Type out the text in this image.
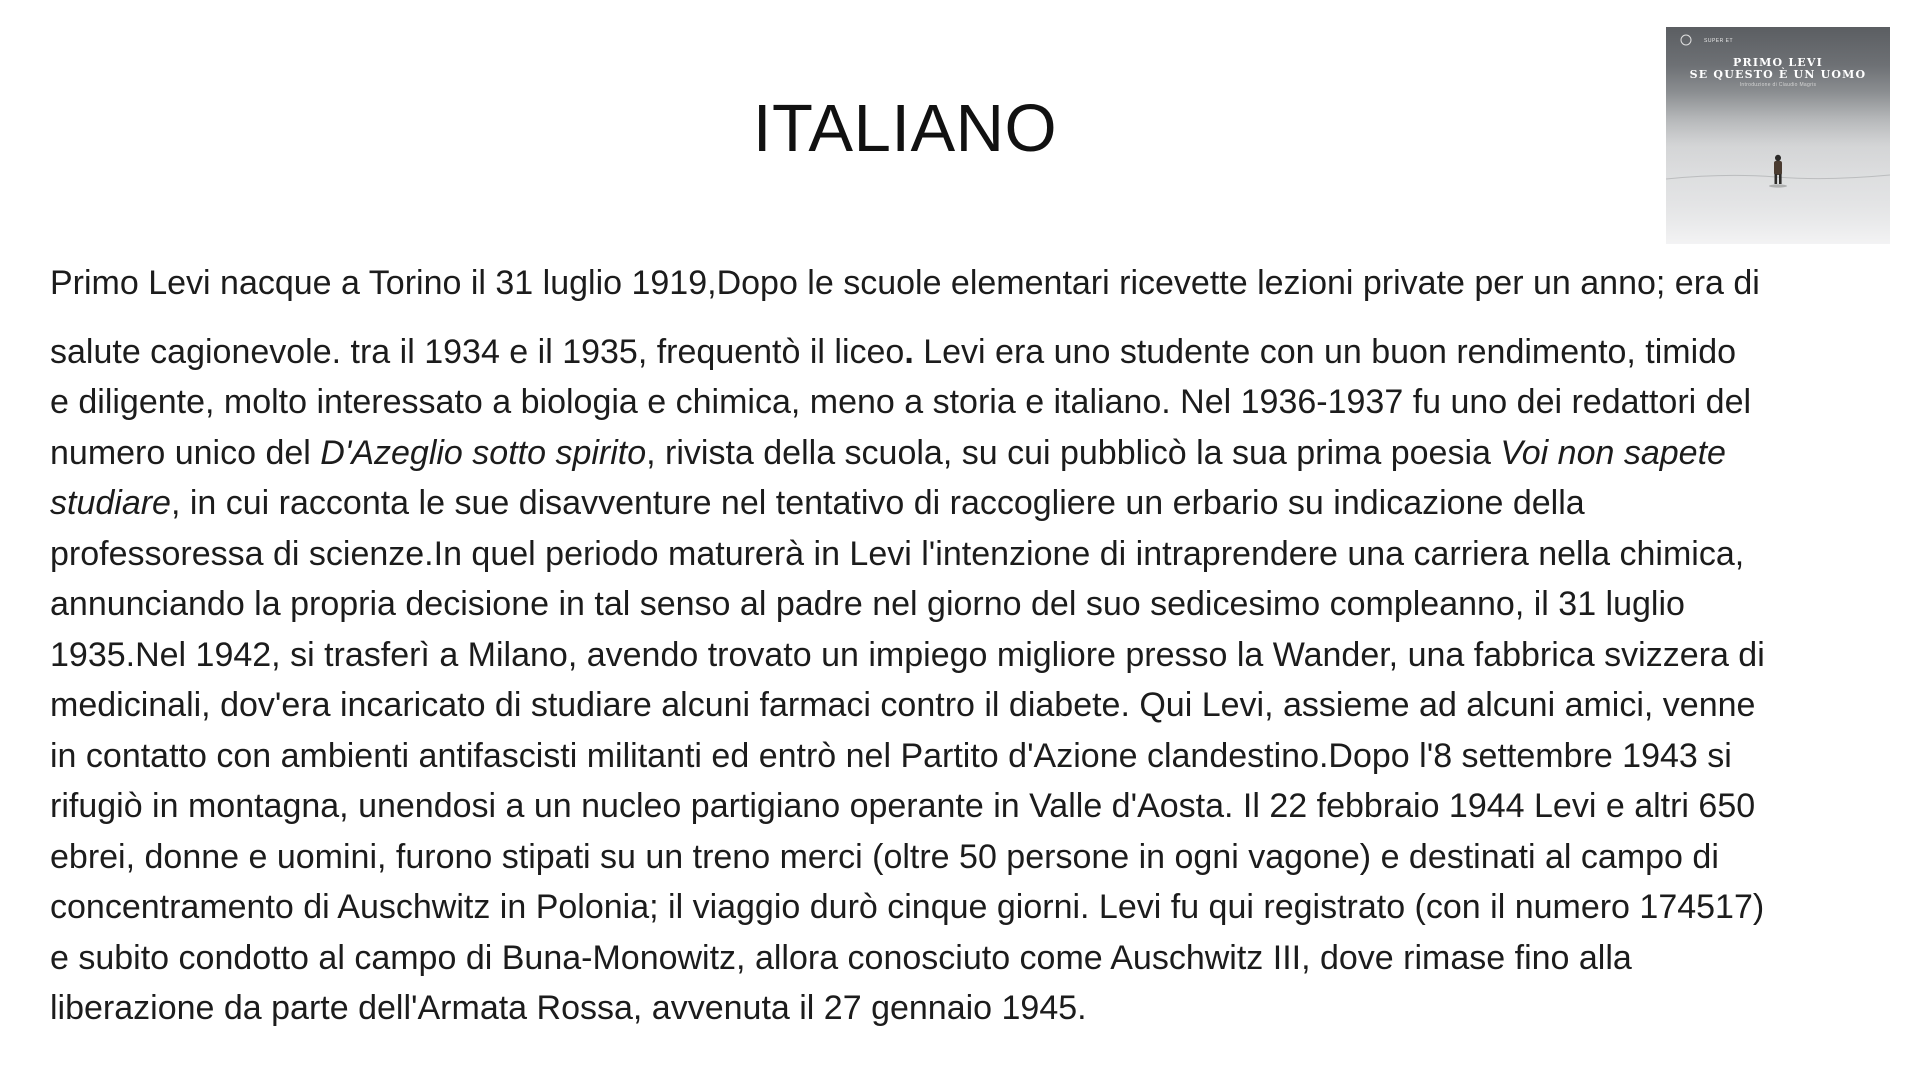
ITALIANO
SUPER ET
PRIMO LEVI
SE QUESTO È UN UOMO
Introduzione di Claudio Magris
Primo Levi nacque a Torino il 31 luglio 1919,Dopo le scuole elementari ricevette lezioni private per un anno; era di
salute cagionevole. tra il 1934 e il 1935, frequentò il liceo. Levi era uno studente con un buon rendimento, timido
e diligente, molto interessato a biologia e chimica, meno a storia e italiano. Nel 1936-1937 fu uno dei redattori del
numero unico del D'Azeglio sotto spirito, rivista della scuola, su cui pubblicò la sua prima poesia Voi non sapete
studiare, in cui racconta le sue disavventure nel tentativo di raccogliere un erbario su indicazione della
professoressa di scienze.In quel periodo maturerà in Levi l'intenzione di intraprendere una carriera nella chimica,
annunciando la propria decisione in tal senso al padre nel giorno del suo sedicesimo compleanno, il 31 luglio
1935.Nel 1942, si trasferì a Milano, avendo trovato un impiego migliore presso la Wander, una fabbrica svizzera di
medicinali, dov'era incaricato di studiare alcuni farmaci contro il diabete. Qui Levi, assieme ad alcuni amici, venne
in contatto con ambienti antifascisti militanti ed entrò nel Partito d'Azione clandestino.Dopo l'8 settembre 1943 si
rifugiò in montagna, unendosi a un nucleo partigiano operante in Valle d'Aosta. Il 22 febbraio 1944 Levi e altri 650
ebrei, donne e uomini, furono stipati su un treno merci (oltre 50 persone in ogni vagone) e destinati al campo di
concentramento di Auschwitz in Polonia; il viaggio durò cinque giorni. Levi fu qui registrato (con il numero 174517)
e subito condotto al campo di Buna-Monowitz, allora conosciuto come Auschwitz III, dove rimase fino alla
liberazione da parte dell'Armata Rossa, avvenuta il 27 gennaio 1945.
